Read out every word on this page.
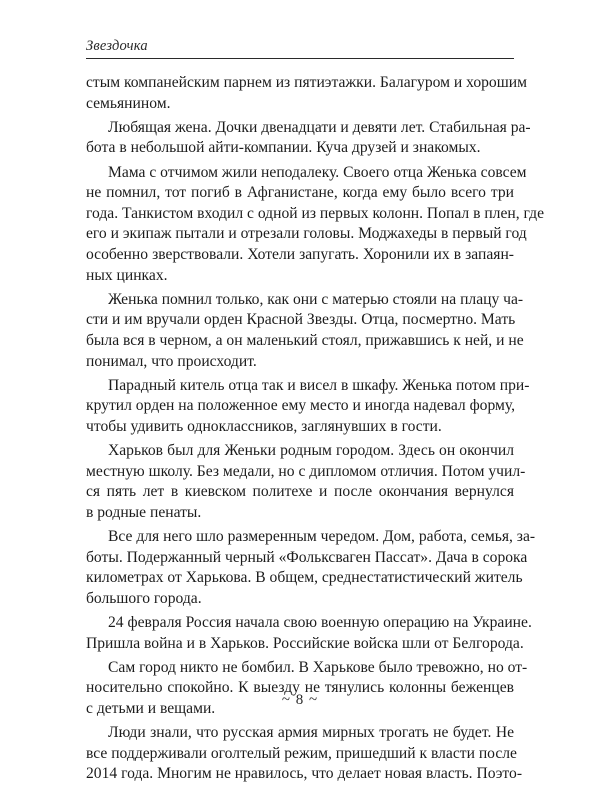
Звездочка

стым компанейским парнем из пятиэтажки. Балагуром и хорошим
семьянином.

Любящая жена. Дочки двенадцати и девяти лет. Стабильная ра-
бота в небольшой айти-компании. Куча друзей и знакомых.

Мама с отчимом жили неподалеку. Своего отца Женька совсем
не помнил, тот погиб в Афганистане, когда ему было всего три
года. Танкистом входил с одной из первых колонн. Попал в плен, где
его и экипаж пытали и отрезали головы. Моджахеды в первый год
особенно зверствовали. Хотели запугать. Хоронили их в запаян-
ных цинках.

Женька помнил только, как они с матерью стояли на плацу ча-
сти и им вручали орден Красной Звезды. Отца, посмертно. Мать
была вся в черном, а он маленький стоял, прижавшись к ней, и не
понимал, что происходит.

Парадный китель отца так и висел в шкафу. Женька потом при-
крутил орден на положенное ему место и иногда надевал форму,
чтобы удивить одноклассников, заглянувших в гости.

Харьков был для Женьки родным городом. Здесь он окончил
местную школу. Без медали, но с дипломом отличия. Потом учил-
ся пять лет в киевском политехе и после окончания вернулся
в родные пенаты.

Все для него шло размеренным чередом. Дом, работа, семья, за-
боты. Подержанный черный «Фольксваген Пассат». Дача в сорока
километрах от Харькова. В общем, среднестатистический житель
большого города.

24 февраля Россия начала свою военную операцию на Украине.
Пришла война и в Харьков. Российские войска шли от Белгорода.

Сам город никто не бомбил. В Харькове было тревожно, но от-
носительно спокойно. К выезду не тянулись колонны беженцев
с детьми и вещами.

Люди знали, что русская армия мирных трогать не будет. Не
все поддерживали оголтелый режим, пришедший к власти после
2014 года. Многим не нравилось, что делает новая власть. Поэто-

~ 8 ~
